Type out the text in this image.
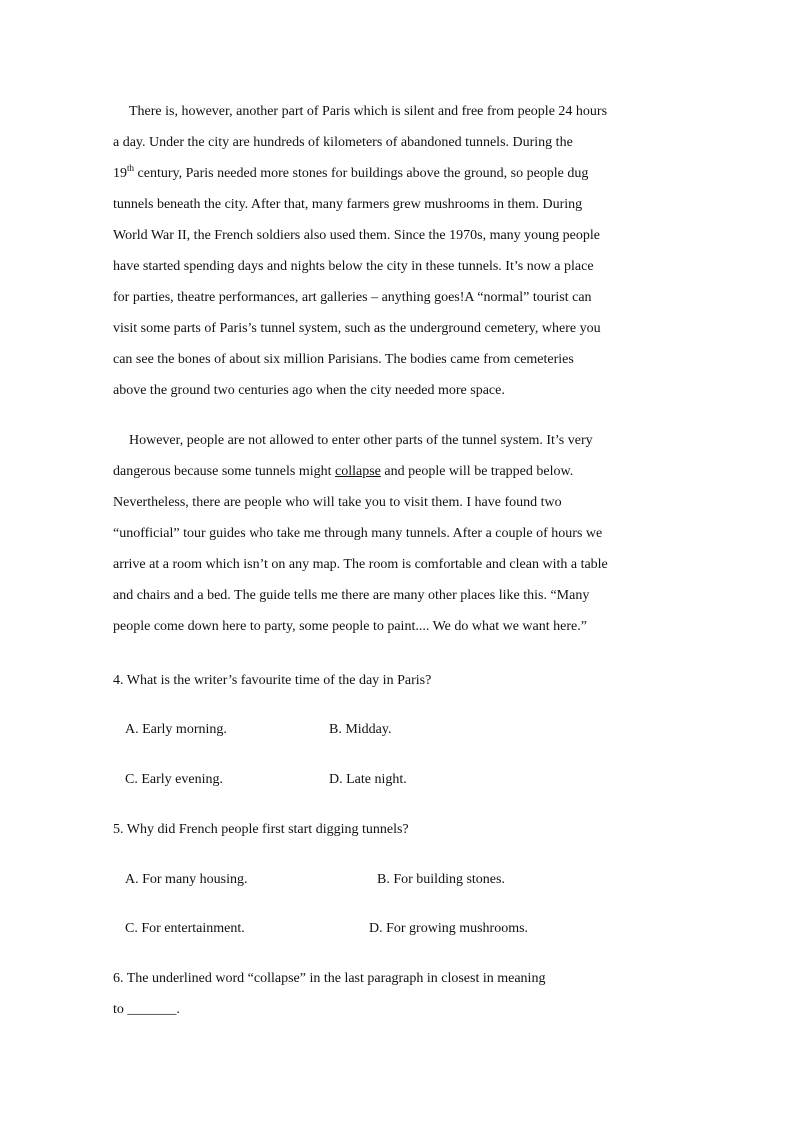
There is, however, another part of Paris which is silent and free from people 24 hours
a day. Under the city are hundreds of kilometers of abandoned tunnels. During the
19th century, Paris needed more stones for buildings above the ground, so people dug
tunnels beneath the city. After that, many farmers grew mushrooms in them. During
World War II, the French soldiers also used them. Since the 1970s, many young people
have started spending days and nights below the city in these tunnels. It’s now a place
for parties, theatre performances, art galleries – anything goes!A “normal” tourist can
visit some parts of Paris’s tunnel system, such as the underground cemetery, where you
can see the bones of about six million Parisians. The bodies came from cemeteries
above the ground two centuries ago when the city needed more space.
However, people are not allowed to enter other parts of the tunnel system. It’s very
dangerous because some tunnels might collapse and people will be trapped below.
Nevertheless, there are people who will take you to visit them. I have found two
“unofficial” tour guides who take me through many tunnels. After a couple of hours we
arrive at a room which isn’t on any map. The room is comfortable and clean with a table
and chairs and a bed. The guide tells me there are many other places like this. “Many
people come down here to party, some people to paint.... We do what we want here.”
4. What is the writer’s favourite time of the day in Paris?
A. Early morning.	B. Midday.
C. Early evening.	D. Late night.
5. Why did French people first start digging tunnels?
A. For many housing.	B. For building stones.
C. For entertainment.	D. For growing mushrooms.
6. The underlined word “collapse” in the last paragraph in closest in meaning
to _______.
